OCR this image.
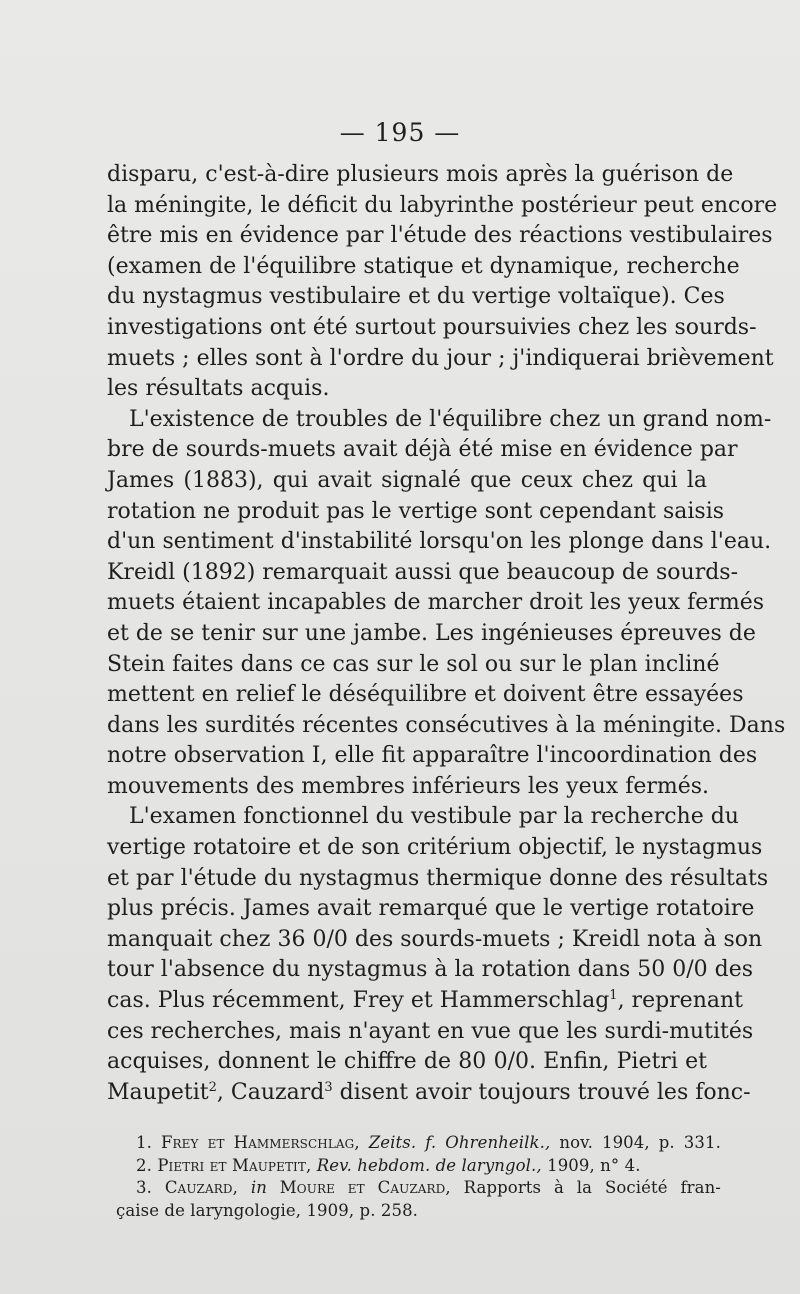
— 195 —
disparu, c'est-à-dire plusieurs mois après la guérison de
la méningite, le déficit du labyrinthe postérieur peut encore
être mis en évidence par l'étude des réactions vestibulaires
(examen de l'équilibre statique et dynamique, recherche
du nystagmus vestibulaire et du vertige voltaïque). Ces
investigations ont été surtout poursuivies chez les sourds-
muets ; elles sont à l'ordre du jour ; j'indiquerai brièvement
les résultats acquis.
L'existence de troubles de l'équilibre chez un grand nom-
bre de sourds-muets avait déjà été mise en évidence par
James (1883), qui avait signalé que ceux chez qui la
rotation ne produit pas le vertige sont cependant saisis
d'un sentiment d'instabilité lorsqu'on les plonge dans l'eau.
Kreidl (1892) remarquait aussi que beaucoup de sourds-
muets étaient incapables de marcher droit les yeux fermés
et de se tenir sur une jambe. Les ingénieuses épreuves de
Stein faites dans ce cas sur le sol ou sur le plan incliné
mettent en relief le déséquilibre et doivent être essayées
dans les surdités récentes consécutives à la méningite. Dans
notre observation I, elle fit apparaître l'incoordination des
mouvements des membres inférieurs les yeux fermés.
L'examen fonctionnel du vestibule par la recherche du
vertige rotatoire et de son critérium objectif, le nystagmus
et par l'étude du nystagmus thermique donne des résultats
plus précis. James avait remarqué que le vertige rotatoire
manquait chez 36 0/0 des sourds-muets ; Kreidl nota à son
tour l'absence du nystagmus à la rotation dans 50 0/0 des
cas. Plus récemment, Frey et Hammerschlag$^1$, reprenant
ces recherches, mais n'ayant en vue que les surdi-mutités
acquises, donnent le chiffre de 80 0/0. Enfin, Pietri et
Maupetit$^2$, Cauzard$^3$ disent avoir toujours trouvé les fonc-
1. Frey et Hammerschlag, Zeits. f. Ohrenheilk., nov. 1904, p. 331.
2. Pietri et Maupetit, Rev. hebdom. de laryngol., 1909, n° 4.
3. Cauzard, in Moure et Cauzard, Rapports à la Société fran-
çaise de laryngologie, 1909, p. 258.
